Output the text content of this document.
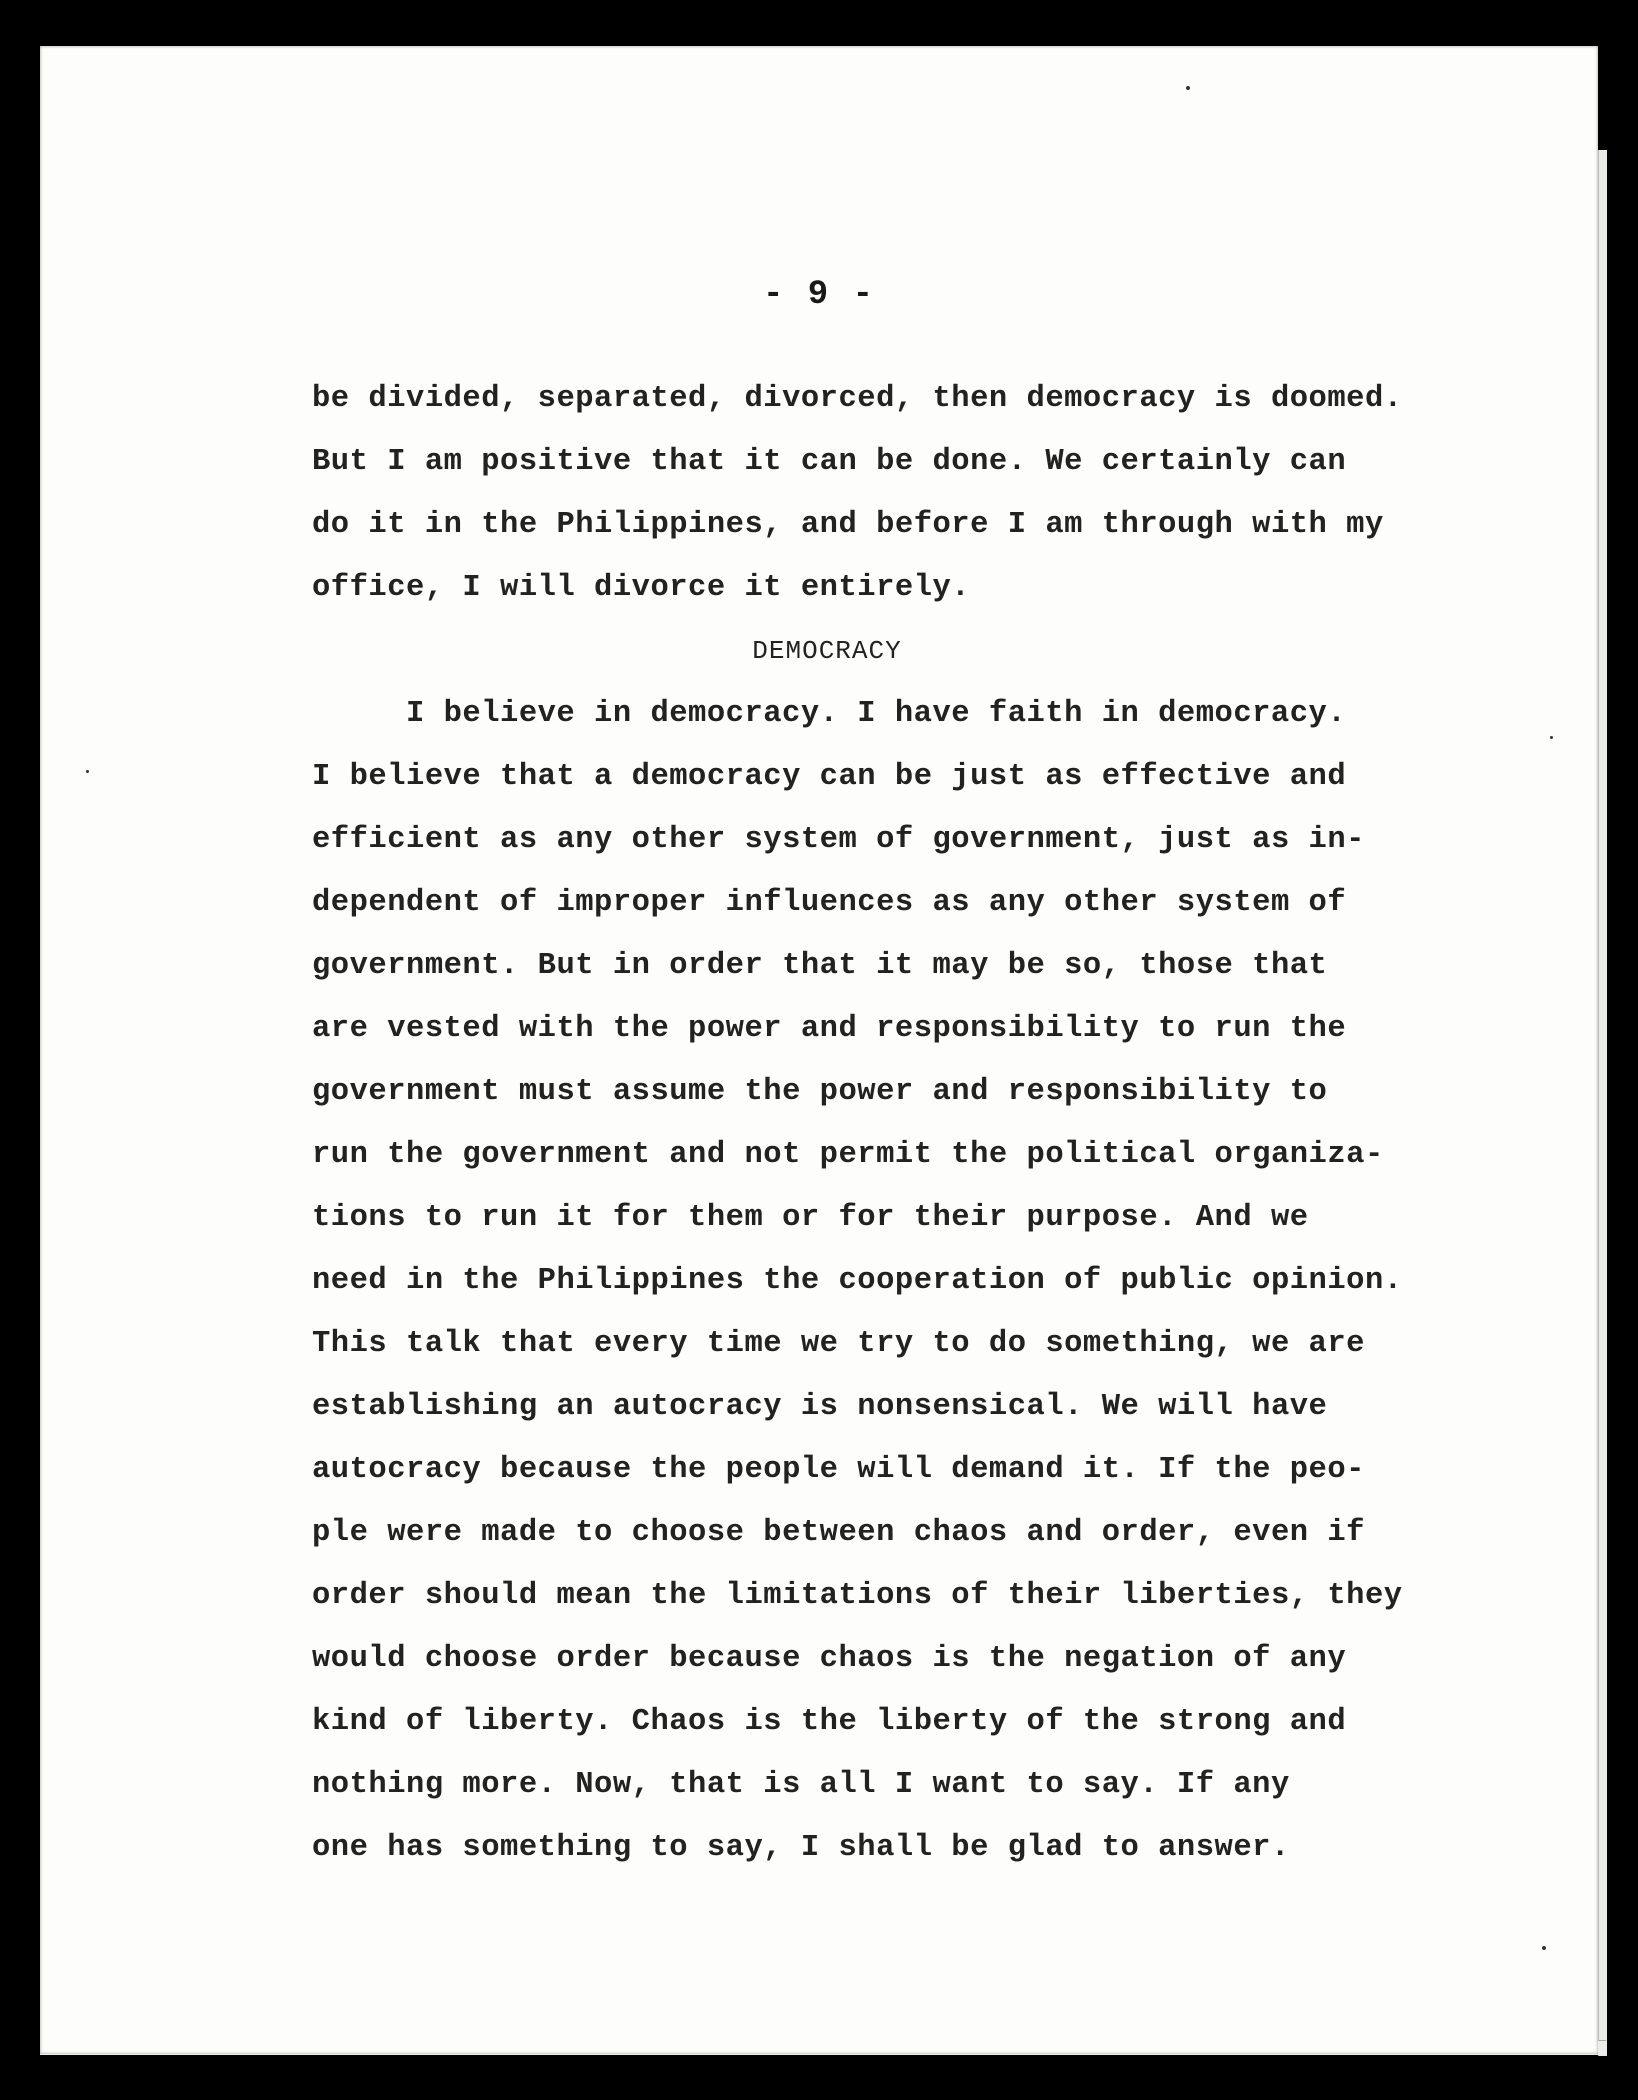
- 9 -
be divided, separated, divorced, then democracy is doomed.
But I am positive that it can be done. We certainly can
do it in the Philippines, and before I am through with my
office, I will divorce it entirely.
DEMOCRACY
I believe in democracy. I have faith in democracy.
I believe that a democracy can be just as effective and
efficient as any other system of government, just as in-
dependent of improper influences as any other system of
government. But in order that it may be so, those that
are vested with the power and responsibility to run the
government must assume the power and responsibility to
run the government and not permit the political organiza-
tions to run it for them or for their purpose. And we
need in the Philippines the cooperation of public opinion.
This talk that every time we try to do something, we are
establishing an autocracy is nonsensical. We will have
autocracy because the people will demand it. If the peo-
ple were made to choose between chaos and order, even if
order should mean the limitations of their liberties, they
would choose order because chaos is the negation of any
kind of liberty. Chaos is the liberty of the strong and
nothing more. Now, that is all I want to say. If any
one has something to say, I shall be glad to answer.
